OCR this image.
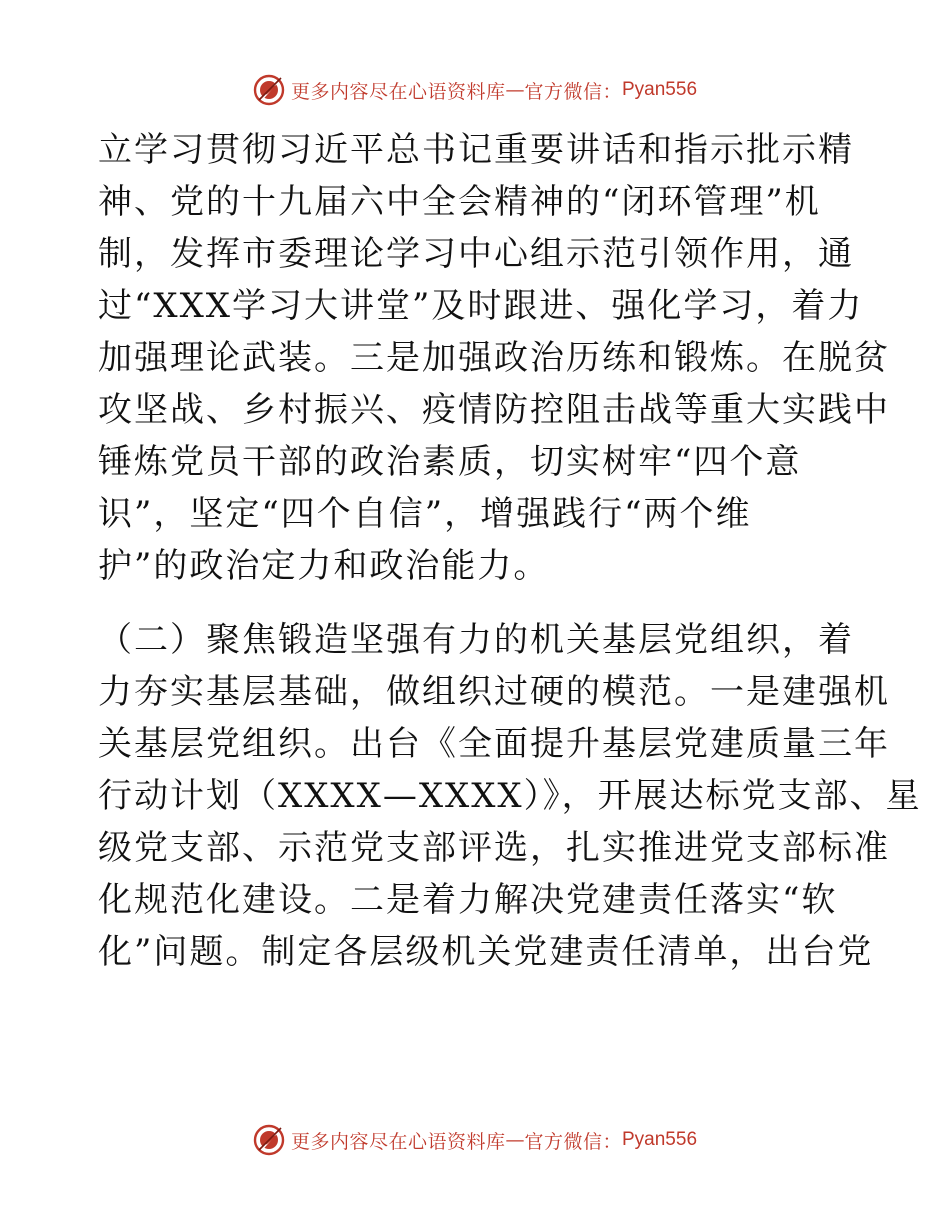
更多内容尽在心语资料库 — 官方微信： Pyan556
立学习贯彻习近平总书记重要讲话和指示批示精
神、党的十九届六中全会精神的“闭环管理”机
制，发挥市委理论学习中心组示范引领作用，通
过“XXX学习大讲堂”及时跟进、强化学习，着力
加强理论武装。三是加强政治历练和锻炼。在脱贫
攻坚战、乡村振兴、疫情防控阻击战等重大实践中
锤炼党员干部的政治素质，切实树牢“四个意
识”，坚定“四个自信”，增强践行“两个维
护”的政治定力和政治能力。
（二）聚焦锻造坚强有力的机关基层党组织，着
力夯实基层基础，做组织过硬的模范。一是建强机
关基层党组织。出台《全面提升基层党建质量三年
行动计划（XXXX—XXXX）》，开展达标党支部、星
级党支部、示范党支部评选，扎实推进党支部标准
化规范化建设。二是着力解决党建责任落实“软
化”问题。制定各层级机关党建责任清单，出台党
更多内容尽在心语资料库 — 官方微信： Pyan556
